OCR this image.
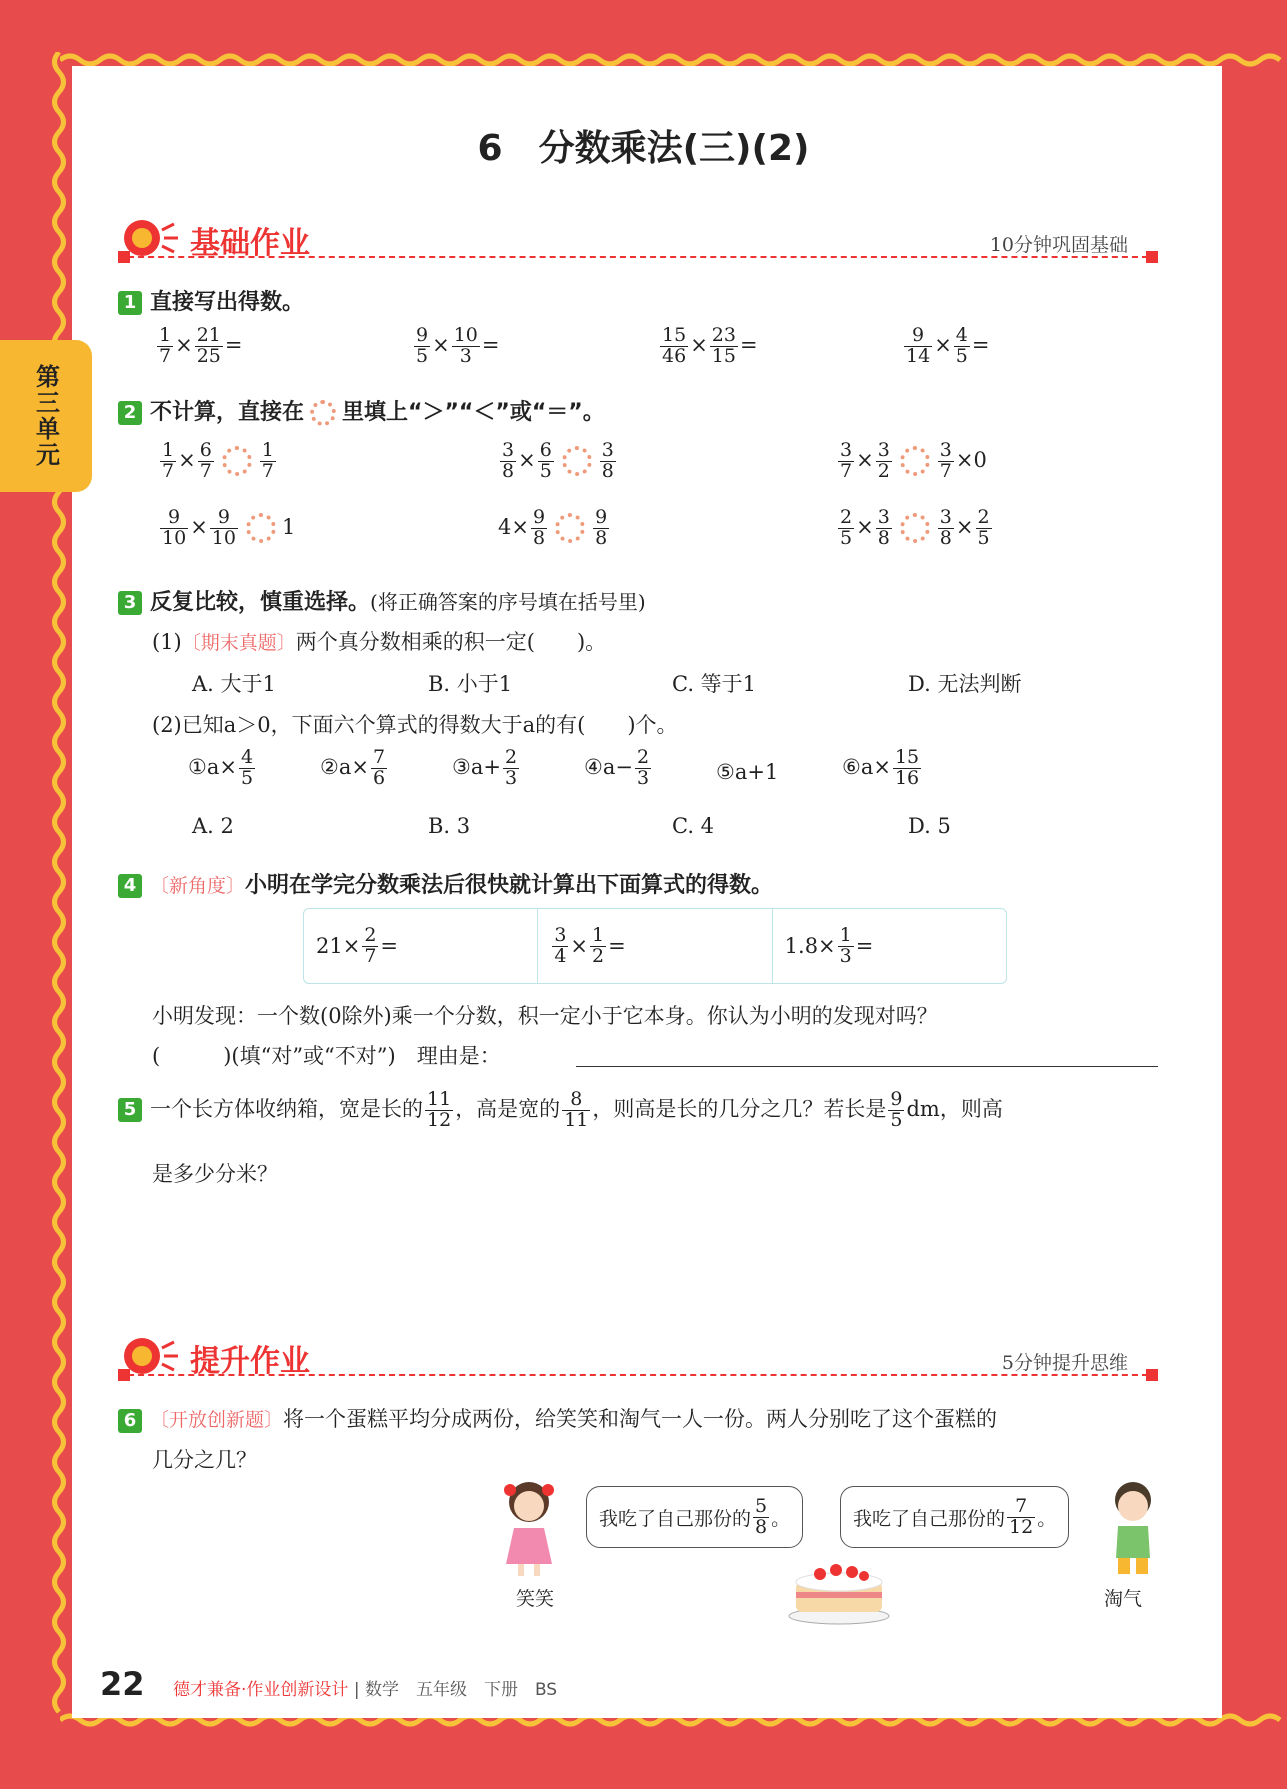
第三单元
6　分数乘法(三)(2)
基础作业	10分钟巩固基础
1 直接写出得数。
$\frac{1}{7} \times \frac{21}{25}$ =	$\frac{9}{5} \times \frac{10}{3}$ =	$\frac{15}{46} \times \frac{23}{15}$ =	$\frac{9}{14} \times \frac{4}{5}$ =
2 不计算，直接在 里填上“＞”“＜”或“＝”。
$\frac{1}{7} \times \frac{6}{7} \frac{1}{7}$	$\frac{3}{8} \times \frac{6}{5} \frac{3}{8}$	$\frac{3}{7} \times \frac{3}{2} \frac{3}{7} \times 0$
$\frac{9}{10} \times \frac{9}{10} 1$	$4\times \frac{9}{8} \frac{9}{8}$	$\frac{2}{5} \times \frac{3}{8} \frac{3}{8} \times \frac{2}{5}$
3 反复比较，慎重选择。(将正确答案的序号填在括号里)
(1)〔期末真题〕两个真分数相乘的积一定(　　)。
A. 大于1	B. 小于1	C. 等于1	D. 无法判断
(2)已知a＞0，下面六个算式的得数大于a的有(　　)个。
①a× $\frac{4}{5}$	②a× $\frac{7}{6}$	③a+ $\frac{2}{3}$	④a− $\frac{2}{3}$	⑤a+1	⑥a× $\frac{15}{16}$
A. 2	B. 3	C. 4	D. 5
4 〔新角度〕小明在学完分数乘法后很快就计算出下面算式的得数。
$21\times \frac{2}{7}$ =	$\frac{3}{4} \times \frac{1}{2}$ =	$1.8\times \frac{1}{3}$ =
小明发现：一个数(0除外)乘一个分数，积一定小于它本身。你认为小明的发现对吗？
(　　　)(填“对”或“不对”)　理由是：
5 一个长方体收纳箱，宽是长的 $\frac{11}{12}$ ，高是宽的 $\frac{8}{11}$ ，则高是长的几分之几？若长是 $\frac{9}{5}$ dm，则高
是多少分米？
提升作业	5分钟提升思维
6 〔开放创新题〕将一个蛋糕平均分成两份，给笑笑和淘气一人一份。两人分别吃了这个蛋糕的
几分之几？
笑笑
我吃了自己那份的 $\frac{5}{8}$ 。	我吃了自己那份的 $\frac{7}{12}$ 。
淘气
22 德才兼备·作业创新设计 | 数学　五年级　下册　BS
